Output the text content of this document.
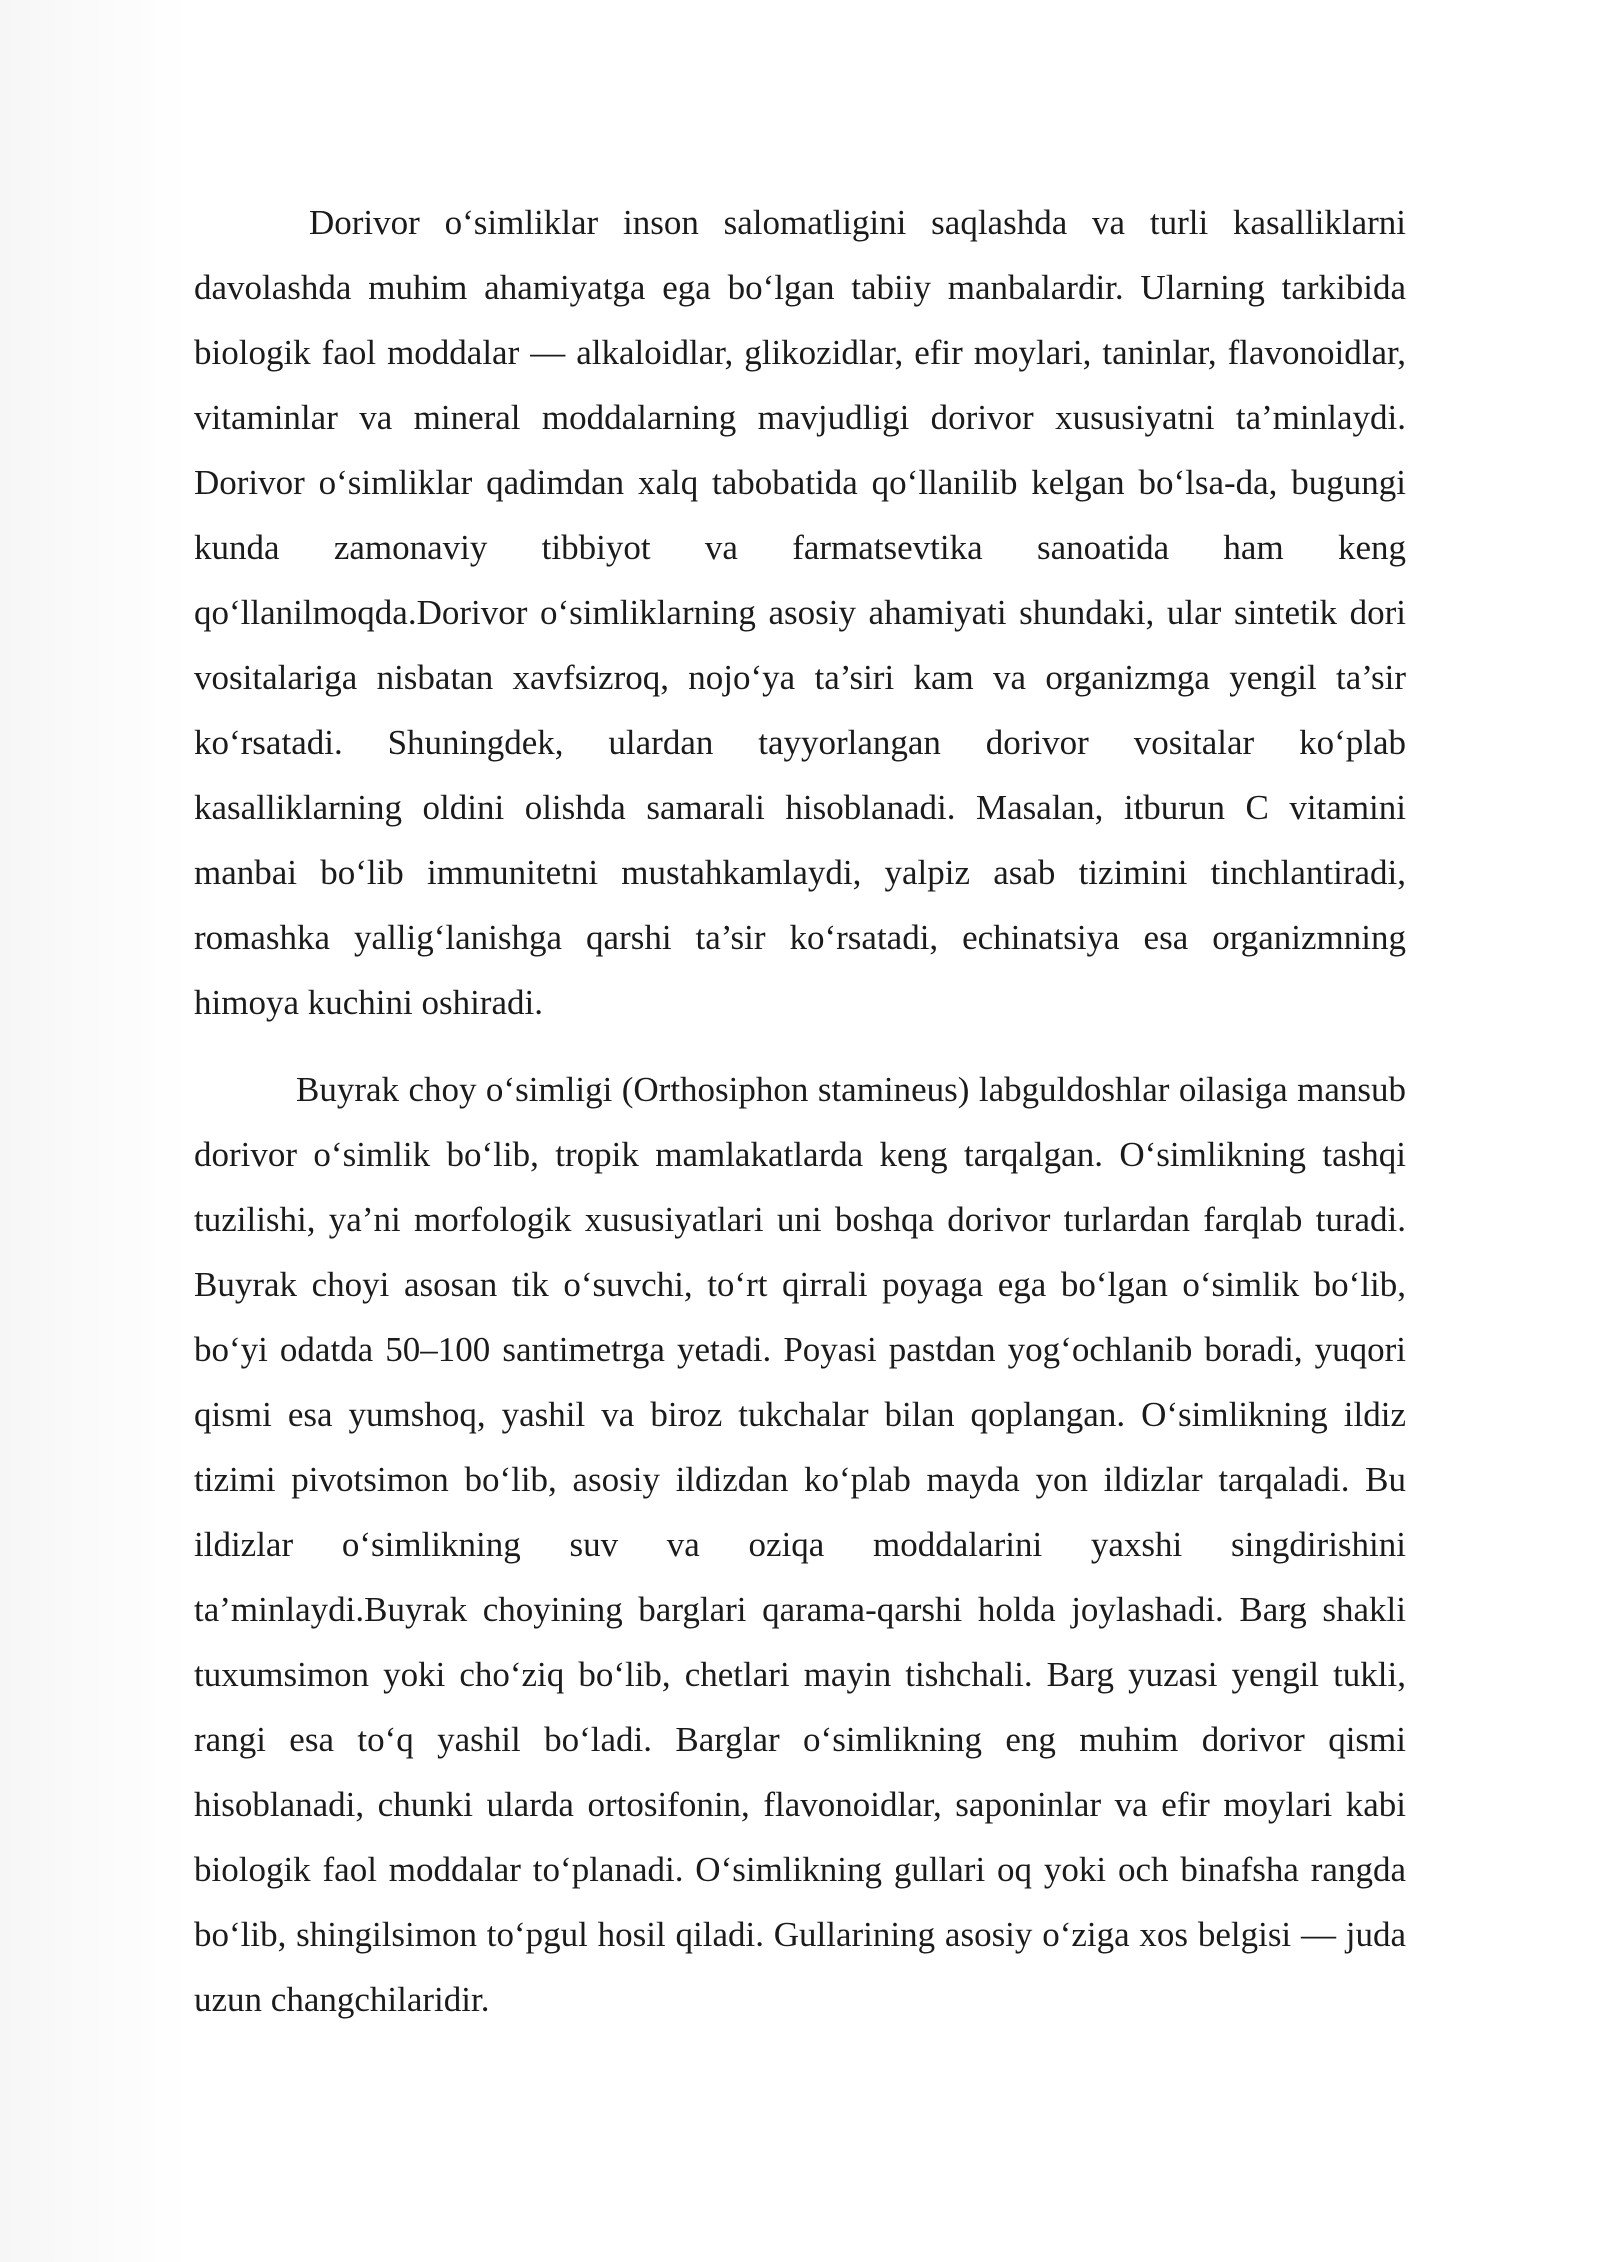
Dorivor o‘simliklar inson salomatligini saqlashda va turli kasalliklarni davolashda muhim ahamiyatga ega bo‘lgan tabiiy manbalardir. Ularning tarkibida biologik faol moddalar — alkaloidlar, glikozidlar, efir moylari, taninlar, flavonoidlar, vitaminlar va mineral moddalarning mavjudligi dorivor xususiyatni ta’minlaydi. Dorivor o‘simliklar qadimdan xalq tabobatida qo‘llanilib kelgan bo‘lsa-da, bugungi kunda zamonaviy tibbiyot va farmatsevtika sanoatida ham keng qo‘llanilmoqda.Dorivor o‘simliklarning asosiy ahamiyati shundaki, ular sintetik dori vositalariga nisbatan xavfsizroq, nojo‘ya ta’siri kam va organizmga yengil ta’sir ko‘rsatadi. Shuningdek, ulardan tayyorlangan dorivor vositalar ko‘plab kasalliklarning oldini olishda samarali hisoblanadi. Masalan, itburun C vitamini manbai bo‘lib immunitetni mustahkamlaydi, yalpiz asab tizimini tinchlantiradi, romashka yallig‘lanishga qarshi ta’sir ko‘rsatadi, echinatsiya esa organizmning himoya kuchini oshiradi.

Buyrak choy o‘simligi (Orthosiphon stamineus) labguldoshlar oilasiga mansub dorivor o‘simlik bo‘lib, tropik mamlakatlarda keng tarqalgan. O‘simlikning tashqi tuzilishi, ya’ni morfologik xususiyatlari uni boshqa dorivor turlardan farqlab turadi. Buyrak choyi asosan tik o‘suvchi, to‘rt qirrali poyaga ega bo‘lgan o‘simlik bo‘lib, bo‘yi odatda 50–100 santimetrga yetadi. Poyasi pastdan yog‘ochlanib boradi, yuqori qismi esa yumshoq, yashil va biroz tukchalar bilan qoplangan. O‘simlikning ildiz tizimi pivotsimon bo‘lib, asosiy ildizdan ko‘plab mayda yon ildizlar tarqaladi. Bu ildizlar o‘simlikning suv va oziqa moddalarini yaxshi singdirishini ta’minlaydi.Buyrak choyining barglari qarama-qarshi holda joylashadi. Barg shakli tuxumsimon yoki cho‘ziq bo‘lib, chetlari mayin tishchali. Barg yuzasi yengil tukli, rangi esa to‘q yashil bo‘ladi. Barglar o‘simlikning eng muhim dorivor qismi hisoblanadi, chunki ularda ortosifonin, flavonoidlar, saponinlar va efir moylari kabi biologik faol moddalar to‘planadi. O‘simlikning gullari oq yoki och binafsha rangda bo‘lib, shingilsimon to‘pgul hosil qiladi. Gullarining asosiy o‘ziga xos belgisi — juda uzun changchilaridir.
